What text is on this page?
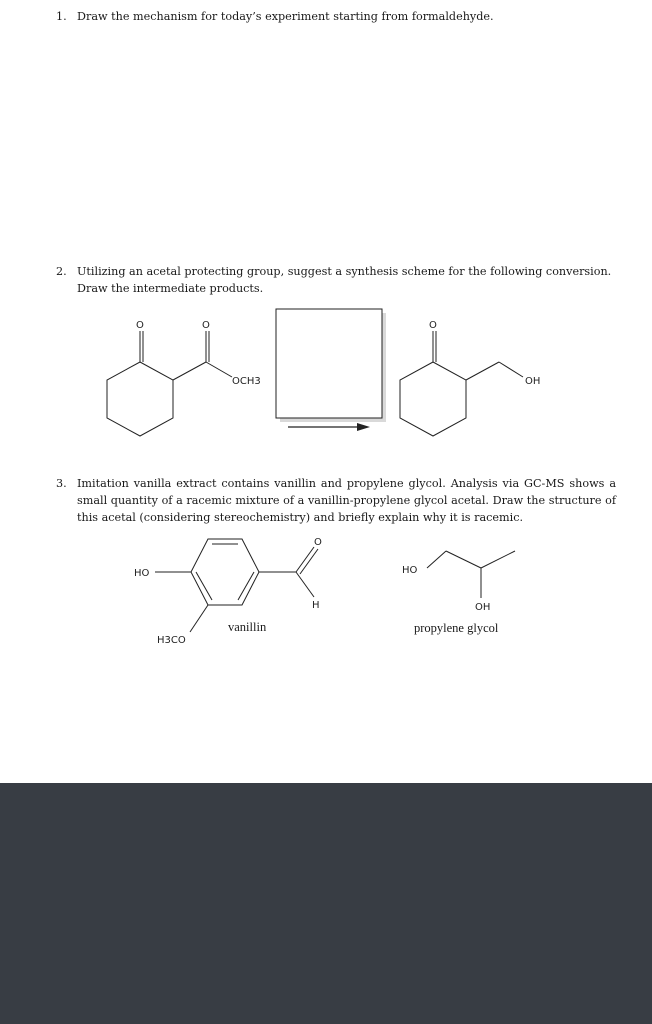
1. Draw the mechanism for today’s experiment starting from formaldehyde.
2. Utilizing an acetal protecting group, suggest a synthesis scheme for the following conversion. Draw the intermediate products.
3. Imitation vanilla extract contains vanillin and propylene glycol. Analysis via GC-MS shows a small quantity of a racemic mixture of a vanillin-propylene glycol acetal. Draw the structure of this acetal (considering stereochemistry) and briefly explain why it is racemic.
O	O
OCH3
O
OH
HO
O
H
H3CO
vanillin
HO
OH
propylene glycol
